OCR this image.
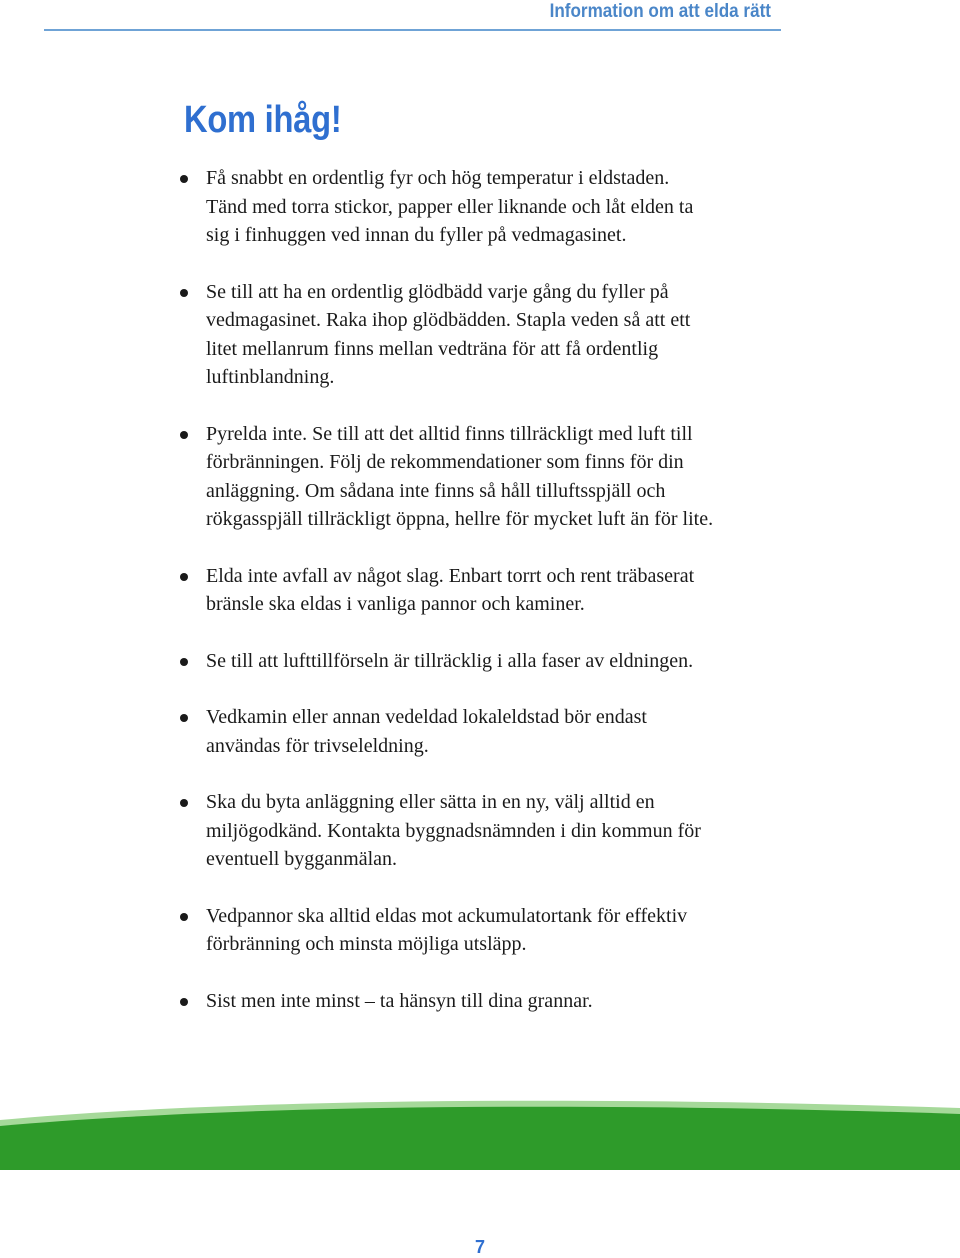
Information om att elda rätt
Kom ihåg!
Få snabbt en ordentlig fyr och hög temperatur i eldstaden.
Tänd med torra stickor, papper eller liknande och låt elden ta
sig i finhuggen ved innan du fyller på vedmagasinet.
Se till att ha en ordentlig glödbädd varje gång du fyller på
vedmagasinet. Raka ihop glödbädden. Stapla veden så att ett
litet mellanrum finns mellan vedträna för att få ordentlig
luftinblandning.
Pyrelda inte. Se till att det alltid finns tillräckligt med luft till
förbränningen. Följ de rekommendationer som finns för din
anläggning. Om sådana inte finns så håll tilluftsspjäll och
rökgasspjäll tillräckligt öppna, hellre för mycket luft än för lite.
Elda inte avfall av något slag. Enbart torrt och rent träbaserat
bränsle ska eldas i vanliga pannor och kaminer.
Se till att lufttillförseln är tillräcklig i alla faser av eldningen.
Vedkamin eller annan vedeldad lokaleldstad bör endast
användas för trivseleldning.
Ska du byta anläggning eller sätta in en ny, välj alltid en
miljögodkänd. Kontakta byggnadsnämnden i din kommun för
eventuell bygganmälan.
Vedpannor ska alltid eldas mot ackumulatortank för effektiv
förbränning och minsta möjliga utsläpp.
Sist men inte minst – ta hänsyn till dina grannar.
7
